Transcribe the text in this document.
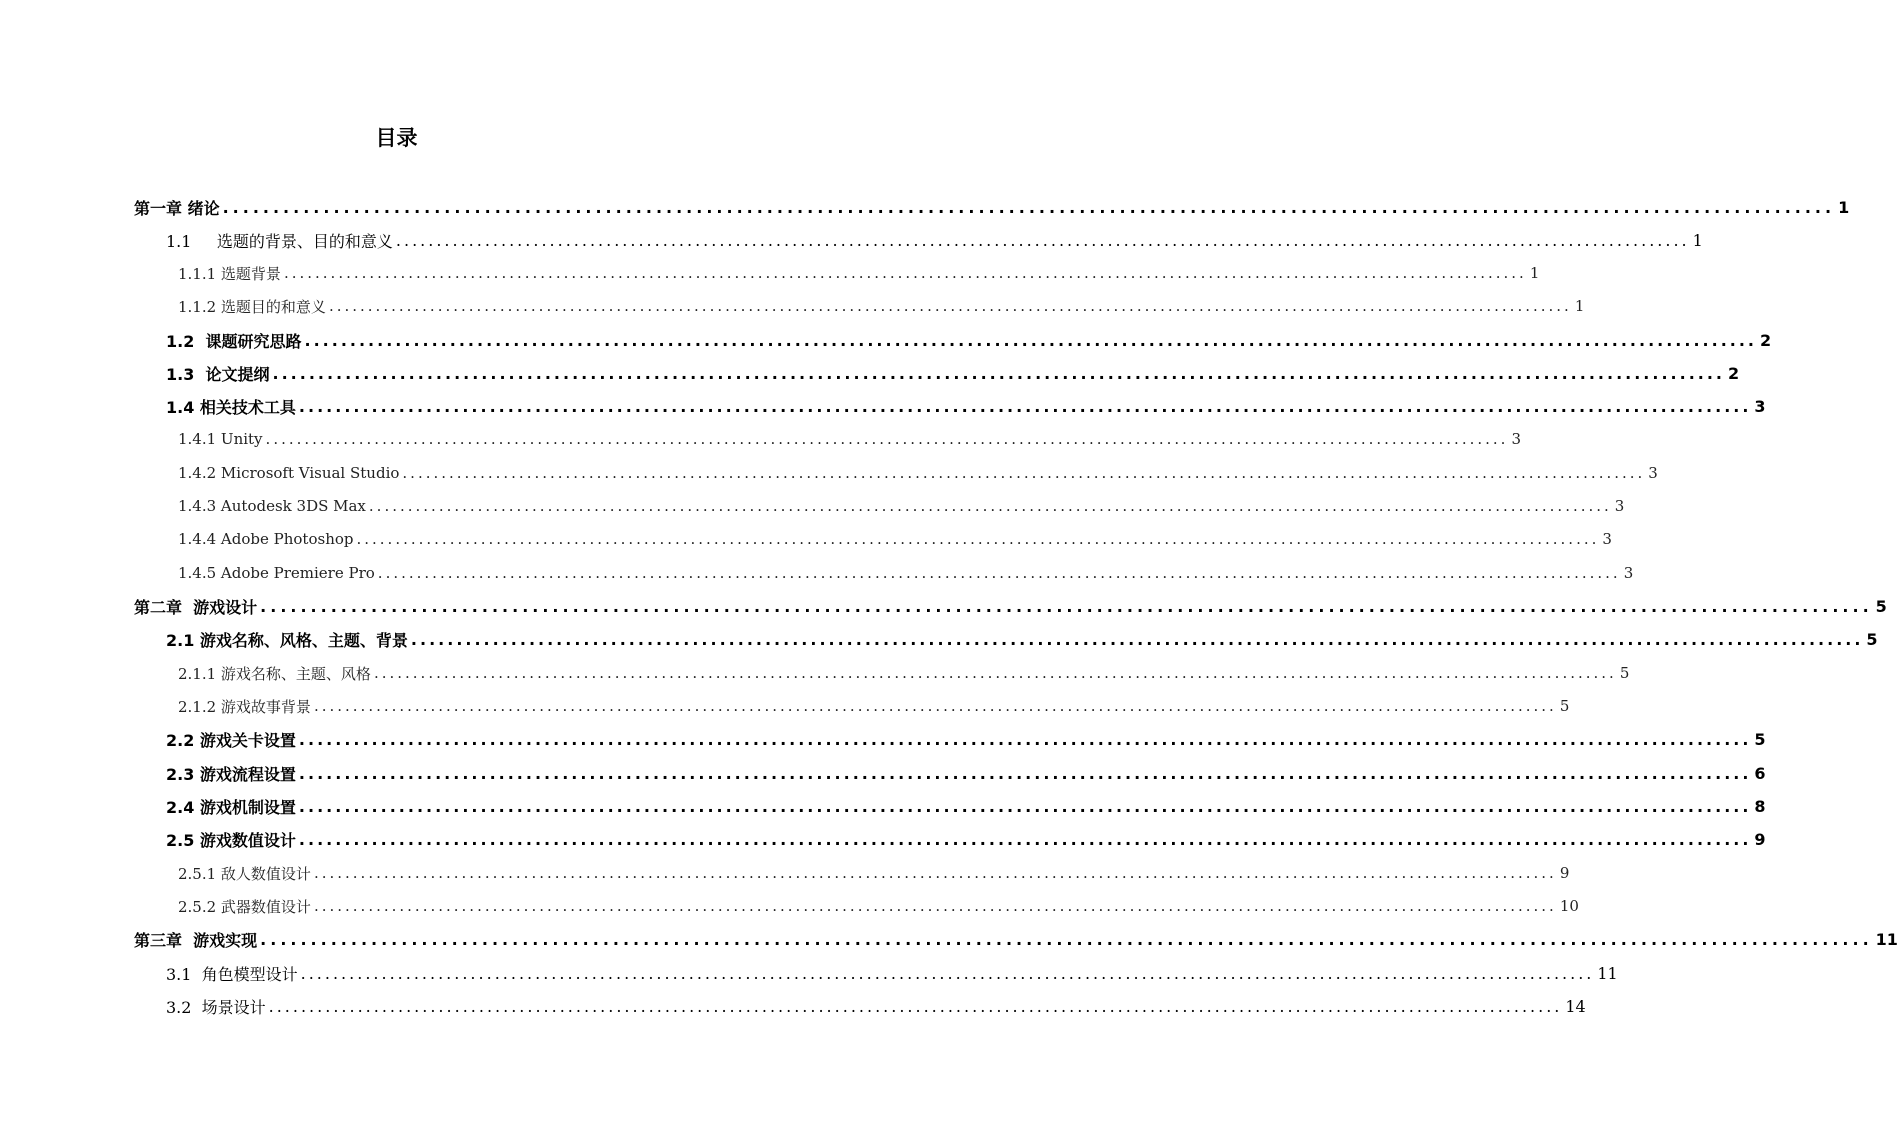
目录
第一章 绪论 ................................................................................................................................................................ 1
1.1     选题的背景、目的和意义 ................................................................................................................................................................ 1
1.1.1 选题背景 ................................................................................................................................................................ 1
1.1.2 选题目的和意义 ................................................................................................................................................................ 1
1.2  课题研究思路 ................................................................................................................................................................ 2
1.3  论文提纲 ................................................................................................................................................................ 2
1.4 相关技术工具 ................................................................................................................................................................ 3
1.4.1 Unity ................................................................................................................................................................ 3
1.4.2 Microsoft Visual Studio ................................................................................................................................................................ 3
1.4.3 Autodesk 3DS Max ................................................................................................................................................................ 3
1.4.4 Adobe Photoshop ................................................................................................................................................................ 3
1.4.5 Adobe Premiere Pro ................................................................................................................................................................ 3
第二章  游戏设计 ................................................................................................................................................................ 5
2.1 游戏名称、风格、主题、背景 ................................................................................................................................................................ 5
2.1.1 游戏名称、主题、风格 ................................................................................................................................................................ 5
2.1.2 游戏故事背景 ................................................................................................................................................................ 5
2.2 游戏关卡设置 ................................................................................................................................................................ 5
2.3 游戏流程设置 ................................................................................................................................................................ 6
2.4 游戏机制设置 ................................................................................................................................................................ 8
2.5 游戏数值设计 ................................................................................................................................................................ 9
2.5.1 敌人数值设计 ................................................................................................................................................................ 9
2.5.2 武器数值设计 ................................................................................................................................................................ 10
第三章  游戏实现 ................................................................................................................................................................ 11
3.1  角色模型设计 ................................................................................................................................................................ 11
3.2  场景设计 ................................................................................................................................................................ 14
